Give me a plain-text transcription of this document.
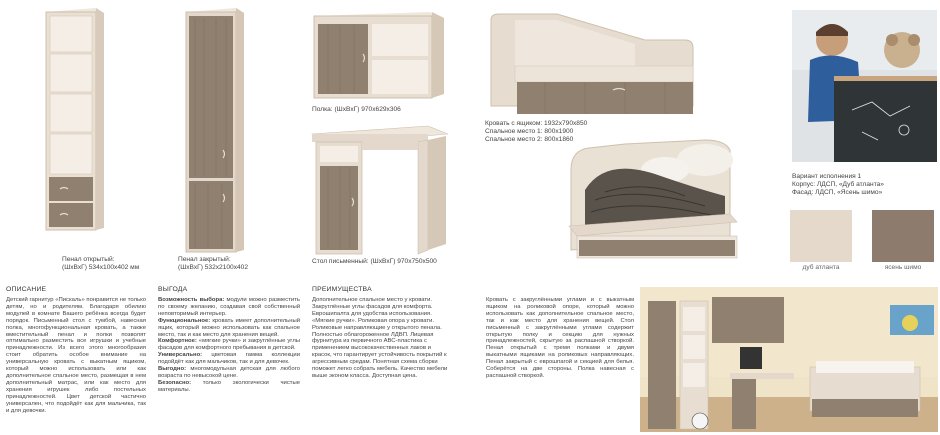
Вариант исполнения 1
Корпус: ЛДСП, «Дуб атланта»
Фасад: ЛДСП, «Ясень шимо»
дуб атланта	ясень шимо
Пенал открытый:
(ШхВхГ) 534х100х402 мм
Пенал закрытый:
(ШхВхГ) 532х2100х402
Полка: (ШхВхГ) 970х629х306
Стол письменный: (ШхВхГ) 970х750х500
Кровать с ящиком: 1932х790х850
Спальное место 1: 800х1900
Спальное место 2: 800х1860
ОПИСАНИЕ
Детский гарнитур «Пискаль» понравится не только детям, но и родителям. Благодаря обилию модулей в комнате Вашего ребёнка всегда будет порядок. Письменный стол с тумбой, навесная полка, многофункциональная кровать, а также вместительный пенал и полки позволят оптимально разместить все игрушки и учебные принадлежности. Из всего этого многообразия стоит обратить особое внимание на универсальную кровать с выкатным ящиком, который можно использовать или как дополнительное спальное место, размещая в нем дополнительный матрас, или как место для хранения игрушек либо постельных принадлежностей. Цвет детской частично универсален, что подойдёт как для мальчика, так и для девочки.
ВЫГОДА

Возможность выбора: модули можно разместить по своему желанию, создавая свой собственный неповторимый интерьер.

Функциональное: кровать имеет дополнительный ящик, который можно использовать как спальное место, так и как место для хранения вещей.

Комфортное: «мягкие ручки» и закруглённые углы фасадов для комфортного пребывания в детской.

Универсально: цветовая гамма коллекции подойдёт как для мальчиков, так и для девочек.

Выгодно: многомодульная детская для любого возраста по невысокой цене.

Безопасно: только экологически чистые материалы.

ПРЕИМУЩЕСТВА
Дополнительное спальное место у кровати. Закруглённые углы фасадов для комфорта. Еврошипалта для удобства использования. «Мягкие ручки». Роликовая опора у кровати. Роликовые направляющие у открытого пенала. Полностью облагороженное ЛДВП. Лицевая фурнитура из первичного АВС-пластика с применением высококачественных лаков и красок, что гарантирует устойчивость покрытий к агрессивным средам. Понятная схема сборки поможет легко собрать мебель. Качество мебели выше эконом класса. Доступная цена.
Кровать с закруглёнными углами и с выкатным ящиком на роликовой опоре, который можно использовать как дополнительное спальное место, так и как место для хранения вещей. Стол письменный с закруглёнными углами содержит открытую полку и секцию для нужных принадлежностей, скрытую за распашной створкой. Пенал открытый с тремя полками и двумя выкатными ящиками на роликовых направляющих. Пенал закрытый с еврошпагой и секцией для белья. Соберётся на две стороны. Полка навесная с распашной створкой.
